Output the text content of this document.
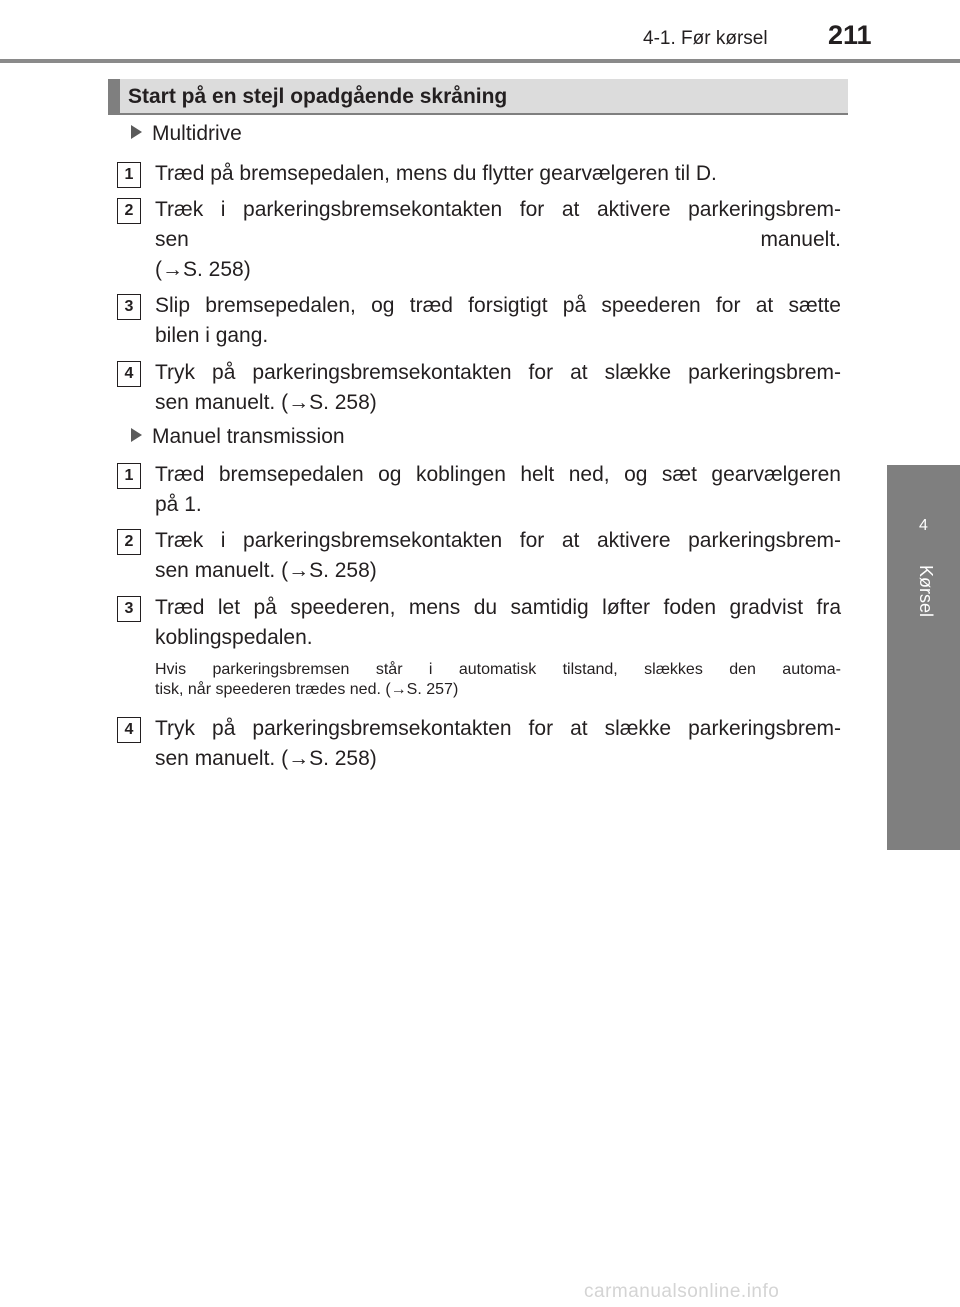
4-1. Før kørsel 211
4
Kørsel
Start på en stejl opadgående skråning
Multidrive
1	Træd på bremsepedalen, mens du flytter gearvælgeren til D.
2	Træk i parkeringsbremsekontakten for at aktivere parkeringsbrem-
sen manuelt.
(→S. 258)
3	Slip bremsepedalen, og træd forsigtigt på speederen for at sætte
bilen i gang.
4	Tryk på parkeringsbremsekontakten for at slække parkeringsbrem-
sen manuelt. (→S. 258)
Manuel transmission
1	Træd bremsepedalen og koblingen helt ned, og sæt gearvælgeren
på 1.
2	Træk i parkeringsbremsekontakten for at aktivere parkeringsbrem-
sen manuelt. (→S. 258)
3	Træd let på speederen, mens du samtidig løfter foden gradvist fra
koblingspedalen.
Hvis parkeringsbremsen står i automatisk tilstand, slækkes den automa-
tisk, når speederen trædes ned. (→S. 257)
4	Tryk på parkeringsbremsekontakten for at slække parkeringsbrem-
sen manuelt. (→S. 258)
carmanualsonline.info
